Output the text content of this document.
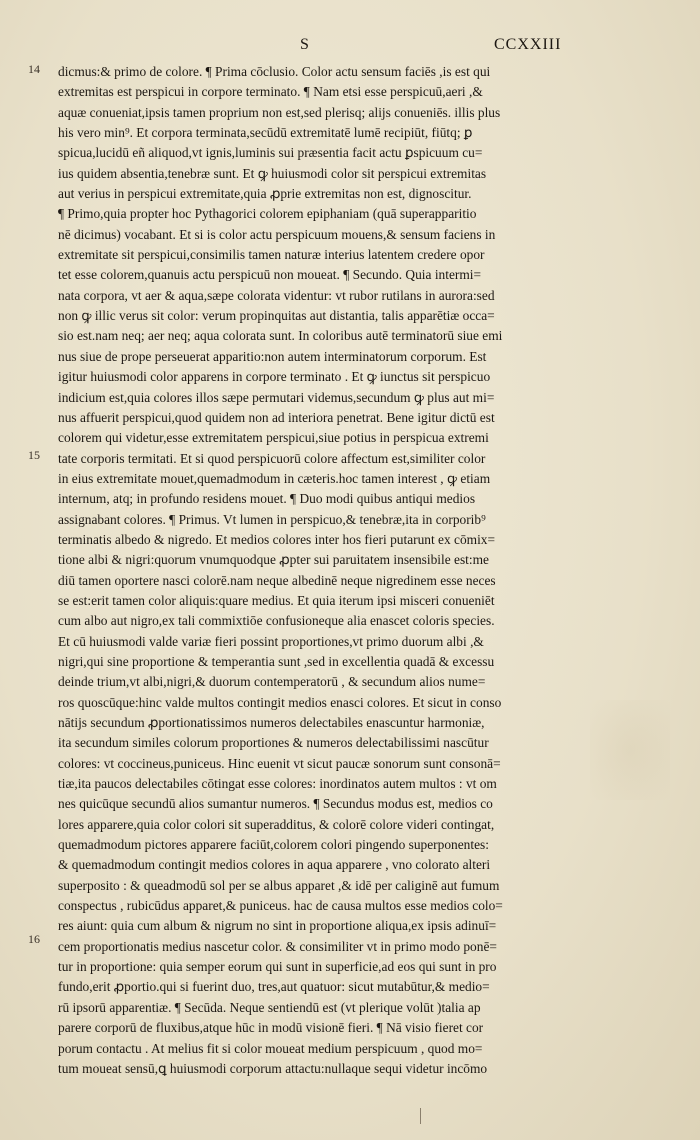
S	CCXXIII
14
15
16
dicmus:& primo de colore. ¶ Prima cōclusio. Color actu sensum faciēs ,is est qui
extremitas est perspicui in corpore terminato. ¶ Nam etsi esse perspicuū,aeri ,&
aquæ conueniat,ipsis tamen proprium non est,sed plerisq; alijs conueniēs. illis plus
his vero min⁹. Et corpora terminata,secūdū extremitatē lumē recipiūt, fiūtq; ꝑ
spicua,lucidū eñ aliquod,vt ignis,luminis sui præsentia facit actu ꝑspicuum cu=
ius quidem absentia,tenebræ sunt. Et ꝙ huiusmodi color sit perspicui extremitas
aut verius in perspicui extremitate,quia ꝓprie extremitas non est, dignoscitur.
¶ Primo,quia propter hoc Pythagorici colorem epiphaniam (quā superapparitio
nē dicimus) vocabant. Et si is color actu perspicuum mouens,& sensum faciens in
extremitate sit perspicui,consimilis tamen naturæ interius latentem credere opor
tet esse colorem,quanuis actu perspicuū non moueat. ¶ Secundo. Quia intermi=
nata corpora, vt aer & aqua,sæpe colorata videntur: vt rubor rutilans in aurora:sed
non ꝙ illic verus sit color: verum propinquitas aut distantia, talis apparētiæ occa=
sio est.nam neq; aer neq; aqua colorata sunt. In coloribus autē terminatorū siue emi
nus siue de prope perseuerat apparitio:non autem interminatorum corporum. Est
igitur huiusmodi color apparens in corpore terminato . Et ꝙ iunctus sit perspicuo
indicium est,quia colores illos sæpe permutari videmus,secundum ꝙ plus aut mi=
nus affuerit perspicui,quod quidem non ad interiora penetrat. Bene igitur dictū est
colorem qui videtur,esse extremitatem perspicui,siue potius in perspicua extremi
tate corporis termitati. Et si quod perspicuorū colore affectum est,similiter color
in eius extremitate mouet,quemadmodum in cæteris.hoc tamen interest , ꝙ etiam
internum, atq; in profundo residens mouet. ¶ Duo modi quibus antiqui medios
assignabant colores. ¶ Primus. Vt lumen in perspicuo,& tenebræ,ita in corporib⁹
terminatis albedo & nigredo. Et medios colores inter hos fieri putarunt ex cōmix=
tione albi & nigri:quorum vnumquodque ꝓpter sui paruitatem insensibile est:me
diū tamen oportere nasci colorē.nam neque albedinē neque nigredinem esse neces
se est:erit tamen color aliquis:quare medius. Et quia iterum ipsi misceri conueniēt
cum albo aut nigro,ex tali commixtiōe confusioneque alia enascet coloris species.
Et cū huiusmodi valde variæ fieri possint proportiones,vt primo duorum albi ,&
nigri,qui sine proportione & temperantia sunt ,sed in excellentia quadā & excessu
deinde trium,vt albi,nigri,& duorum contemperatorū , & secundum alios nume=
ros quoscūque:hinc valde multos contingit medios enasci colores. Et sicut in conso
nātijs secundum ꝓportionatissimos numeros delectabiles enascuntur harmoniæ,
ita secundum similes colorum proportiones & numeros delectabilissimi nascūtur
colores: vt coccineus,puniceus. Hinc euenit vt sicut paucæ sonorum sunt consonā=
tiæ,ita paucos delectabiles cōtingat esse colores: inordinatos autem multos : vt om
nes quicūque secundū alios sumantur numeros. ¶ Secundus modus est, medios co
lores apparere,quia color colori sit superadditus, & colorē colore videri contingat,
quemadmodum pictores apparere faciūt,colorem colori pingendo superponentes:
& quemadmodum contingit medios colores in aqua apparere , vno colorato alteri
superposito : & queadmodū sol per se albus apparet ,& idē per caliginē aut fumum
conspectus , rubicūdus apparet,& puniceus. hac de causa multos esse medios colo=
res aiunt: quia cum album & nigrum no sint in proportione aliqua,ex ipsis adinuī=
cem proportionatis medius nascetur color. & consimiliter vt in primo modo ponē=
tur in proportione: quia semper eorum qui sunt in superficie,ad eos qui sunt in pro
fundo,erit ꝓportio.qui si fuerint duo, tres,aut quatuor: sicut mutabūtur,& medio=
rū ipsorū apparentiæ. ¶ Secūda. Neque sentiendū est (vt plerique volūt )talia ap
parere corporū de fluxibus,atque hūc in modū visionē fieri. ¶ Nā visio fieret cor
porum contactu . At melius fit si color moueat medium perspicuum , quod mo=
tum moueat sensū,ꝗ huiusmodi corporum attactu:nullaque sequi videtur incōmo
